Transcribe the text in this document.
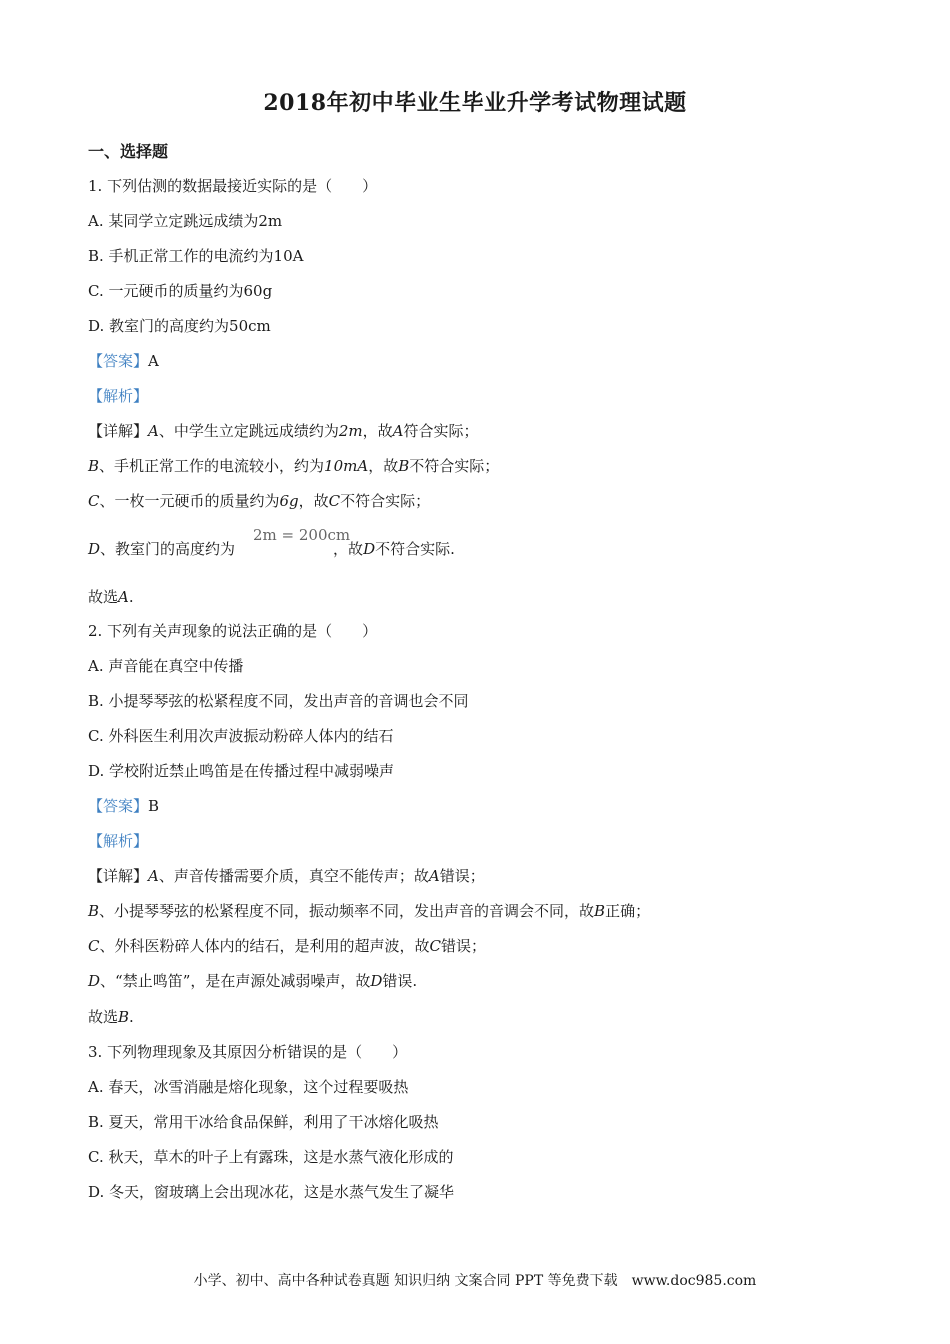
2018年初中毕业生毕业升学考试物理试题
一、选择题
1. 下列估测的数据最接近实际的是（　　）
A. 某同学立定跳远成绩为2m
B. 手机正常工作的电流约为10A
C. 一元硬币的质量约为60g
D. 教室门的高度约为50cm
【答案】A
【解析】
【详解】A、中学生立定跳远成绩约为2m，故A符合实际；
B、手机正常工作的电流较小，约为10mA，故B不符合实际；
C、一枚一元硬币的质量约为6g，故C不符合实际；
2m = 200cm
D、教室门的高度约为	，故D不符合实际.
故选A.
2. 下列有关声现象的说法正确的是（　　）
A. 声音能在真空中传播
B. 小提琴琴弦的松紧程度不同，发出声音的音调也会不同
C. 外科医生利用次声波振动粉碎人体内的结石
D. 学校附近禁止鸣笛是在传播过程中减弱噪声
【答案】B
【解析】
【详解】A、声音传播需要介质，真空不能传声；故A错误；
B、小提琴琴弦的松紧程度不同，振动频率不同，发出声音的音调会不同，故B正确；
C、外科医粉碎人体内的结石，是利用的超声波，故C错误；
D、“禁止鸣笛”，是在声源处减弱噪声，故D错误.
故选B.
3. 下列物理现象及其原因分析错误的是（　　）
A. 春天，冰雪消融是熔化现象，这个过程要吸热
B. 夏天，常用干冰给食品保鲜，利用了干冰熔化吸热
C. 秋天，草木的叶子上有露珠，这是水蒸气液化形成的
D. 冬天，窗玻璃上会出现冰花，这是水蒸气发生了凝华
小学、初中、高中各种试卷真题 知识归纳 文案合同 PPT 等免费下载　www.doc985.com
